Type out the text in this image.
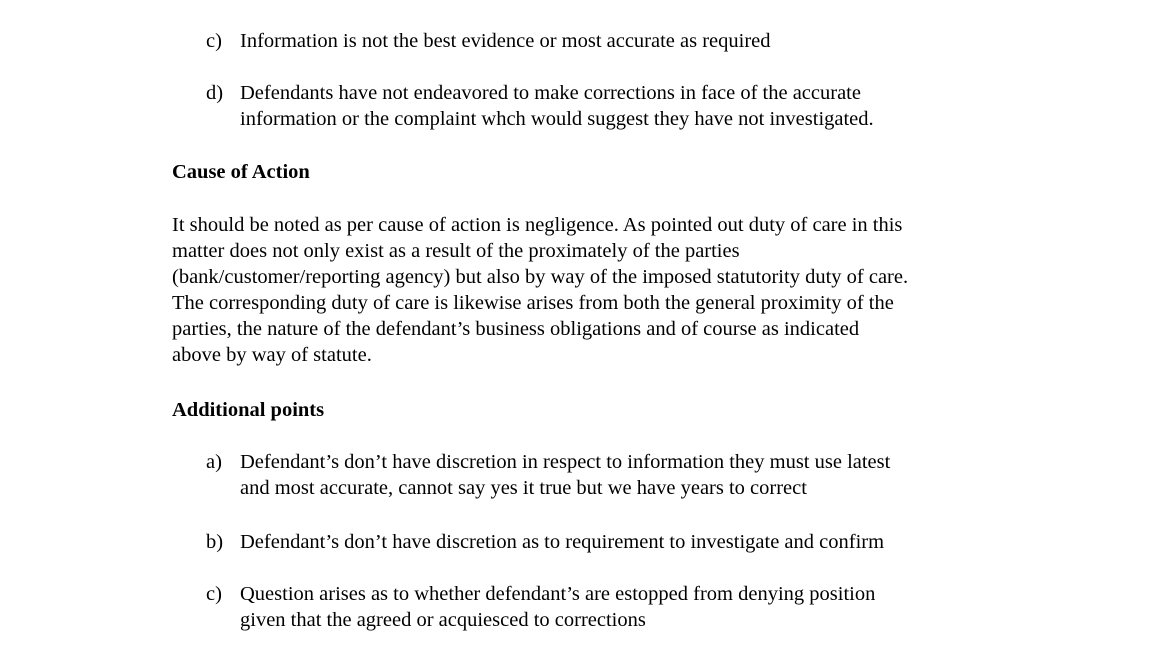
c) Information is not the best evidence or most accurate as required
d) Defendants have not endeavored to make corrections in face of the accurate
information or the complaint whch would suggest they have not investigated.
Cause of Action
It should be noted as per cause of action is negligence. As pointed out duty of care in this
matter does not only exist as a result of the proximately of the parties
(bank/customer/reporting agency) but also by way of the imposed statutority duty of care.
The corresponding duty of care is likewise arises from both the general proximity of the
parties, the nature of the defendant’s business obligations and of course as indicated
above by way of statute.
Additional points
a) Defendant’s don’t have discretion in respect to information they must use latest
and most accurate, cannot say yes it true but we have years to correct
b) Defendant’s don’t have discretion as to requirement to investigate and confirm
c) Question arises as to whether defendant’s are estopped from denying position
given that the agreed or acquiesced to corrections
